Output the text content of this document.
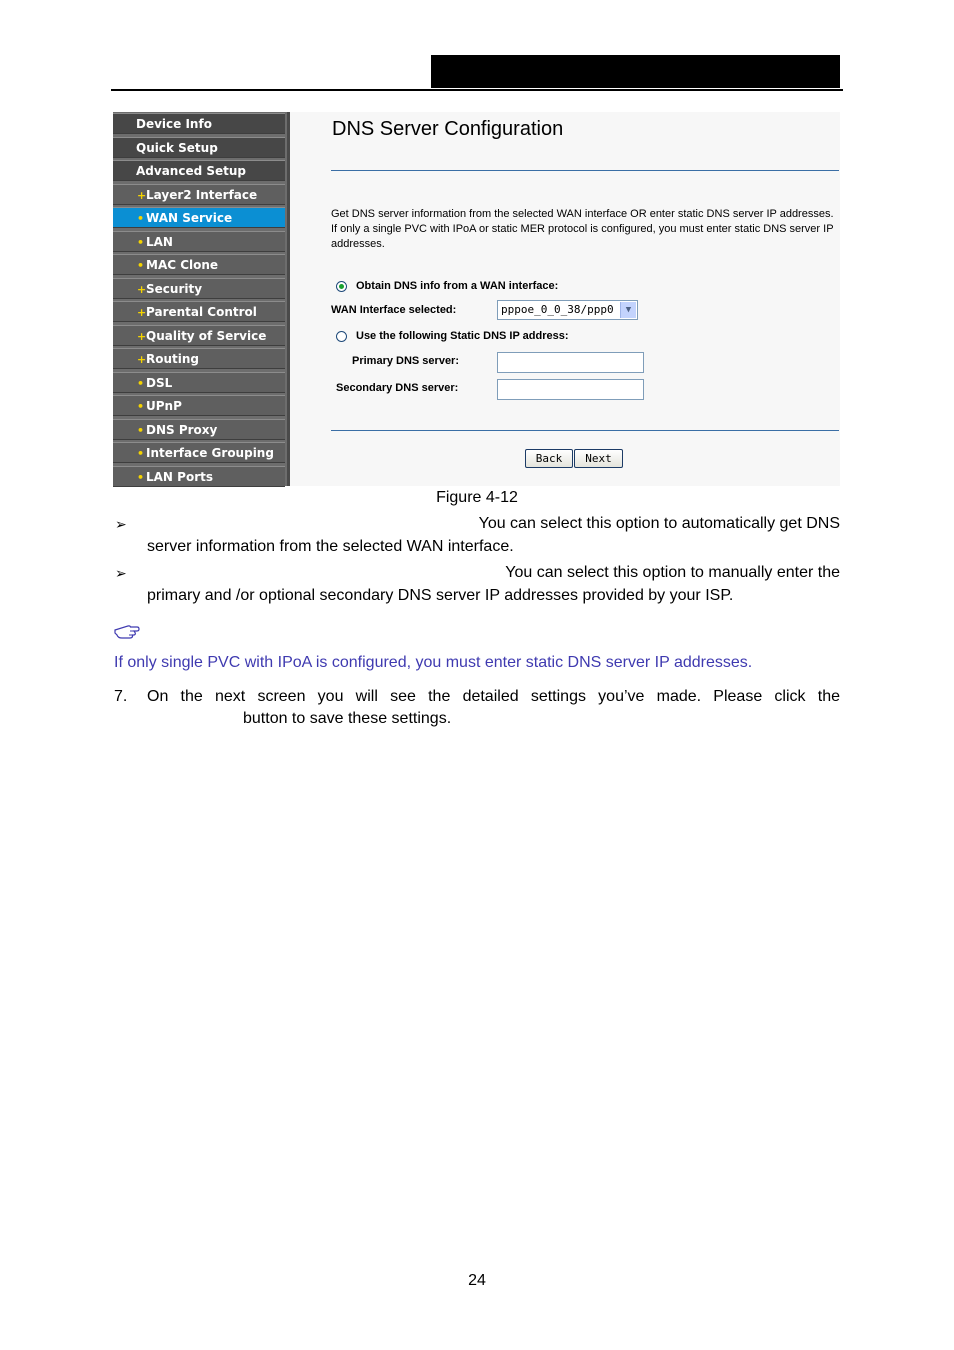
Device Info
Quick Setup
Advanced Setup
+Layer2 Interface
• WAN Service
• LAN
• MAC Clone
+Security
+Parental Control
+Quality of Service
+Routing
• DSL
• UPnP
• DNS Proxy
• Interface Grouping
• LAN Ports
DNS Server Configuration
Get DNS server information from the selected WAN interface OR enter static DNS server IP addresses. If only a single PVC with IPoA or static MER protocol is configured, you must enter static DNS server IP addresses.
Obtain DNS info from a WAN interface:
WAN Interface selected:	pppoe_0_0_38/ppp0	▼
Use the following Static DNS IP address:
Primary DNS server:
Secondary DNS server:
Back	Next
Figure 4-12
➢	You can select this option to automatically get DNS
server information from the selected WAN interface.
➢	You can select this option to manually enter the
primary and /or optional secondary DNS server IP addresses provided by your ISP.
If only single PVC with IPoA is configured, you must enter static DNS server IP addresses.
7. On the next screen you will see the detailed settings you’ve made. Please click the
button to save these settings.
24
